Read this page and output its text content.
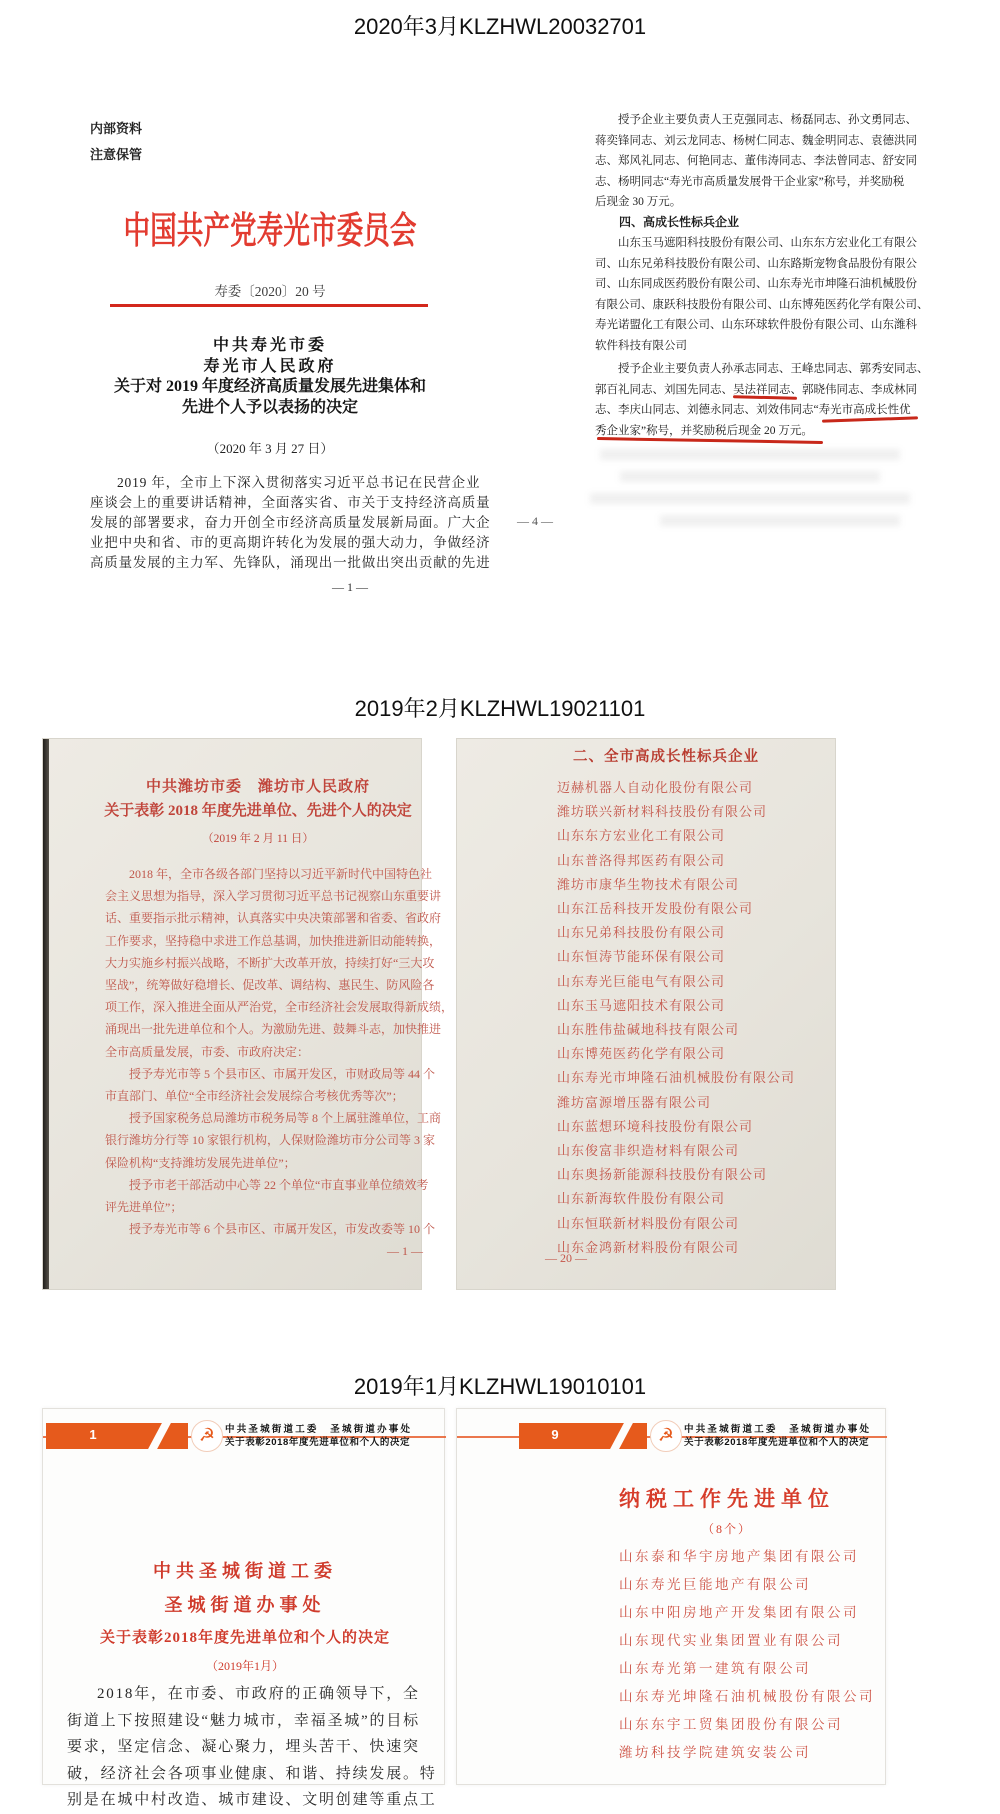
2020年3月KLZHWL20032701
内部资料
注意保管
中国共产党寿光市委员会
寿委〔2020〕20 号
中共寿光市委
寿光市人民政府
关于对 2019 年度经济高质量发展先进集体和
先进个人予以表扬的决定
（2020 年 3 月 27 日）
2019 年，全市上下深入贯彻落实习近平总书记在民营企业
座谈会上的重要讲话精神，全面落实省、市关于支持经济高质量
发展的部署要求，奋力开创全市经济高质量发展新局面。广大企
业把中央和省、市的更高期许转化为发展的强大动力，争做经济
高质量发展的主力军、先锋队，涌现出一批做出突出贡献的先进
— 1 —
授予企业主要负责人王克强同志、杨磊同志、孙文勇同志、
蒋奕锋同志、刘云龙同志、杨树仁同志、魏金明同志、袁德洪同
志、郑风礼同志、何艳同志、董伟涛同志、李法曾同志、舒安同
志、杨明同志“寿光市高质量发展骨干企业家”称号，并奖励税
后现金 30 万元。
四、高成长性标兵企业
山东玉马遮阳科技股份有限公司、山东东方宏业化工有限公
司、山东兄弟科技股份有限公司、山东路斯宠物食品股份有限公
司、山东同成医药股份有限公司、山东寿光市坤隆石油机械股份
有限公司、康跃科技股份有限公司、山东博苑医药化学有限公司、
寿光诺盟化工有限公司、山东环球软件股份有限公司、山东潍科
软件科技有限公司
授予企业主要负责人孙承志同志、王峰忠同志、郭秀安同志、
郭百礼同志、刘国先同志、吴法祥同志、郭晓伟同志、李成林同
志、李庆山同志、刘德永同志、刘效伟同志“寿光市高成长性优
秀企业家”称号，并奖励税后现金 20 万元。
— 4 —
2019年2月KLZHWL19021101
中共潍坊市委　潍坊市人民政府
关于表彰 2018 年度先进单位、先进个人的决定
（2019 年 2 月 11 日）
2018 年，全市各级各部门坚持以习近平新时代中国特色社
会主义思想为指导，深入学习贯彻习近平总书记视察山东重要讲
话、重要指示批示精神，认真落实中央决策部署和省委、省政府
工作要求，坚持稳中求进工作总基调，加快推进新旧动能转换，
大力实施乡村振兴战略，不断扩大改革开放，持续打好“三大攻
坚战”，统筹做好稳增长、促改革、调结构、惠民生、防风险各
项工作，深入推进全面从严治党，全市经济社会发展取得新成绩，
涌现出一批先进单位和个人。为激励先进、鼓舞斗志，加快推进
全市高质量发展，市委、市政府决定：
授予寿光市等 5 个县市区、市属开发区，市财政局等 44 个
市直部门、单位“全市经济社会发展综合考核优秀等次”；
授予国家税务总局潍坊市税务局等 8 个上属驻潍单位，工商
银行潍坊分行等 10 家银行机构，人保财险潍坊市分公司等 3 家
保险机构“支持潍坊发展先进单位”；
授予市老干部活动中心等 22 个单位“市直事业单位绩效考
评先进单位”；
授予寿光市等 6 个县市区、市属开发区，市发改委等 10 个
— 1 —
二、全市高成长性标兵企业
迈赫机器人自动化股份有限公司
潍坊联兴新材料科技股份有限公司
山东东方宏业化工有限公司
山东普洛得邦医药有限公司
潍坊市康华生物技术有限公司
山东江岳科技开发股份有限公司
山东兄弟科技股份有限公司
山东恒涛节能环保有限公司
山东寿光巨能电气有限公司
山东玉马遮阳技术有限公司
山东胜伟盐碱地科技有限公司
山东博苑医药化学有限公司
山东寿光市坤隆石油机械股份有限公司
潍坊富源增压器有限公司
山东蓝想环境科技股份有限公司
山东俊富非织造材料有限公司
山东奥扬新能源科技股份有限公司
山东新海软件股份有限公司
山东恒联新材料股份有限公司
山东金鸿新材料股份有限公司
— 20 —
2019年1月KLZHWL19010101
1	☭	中共圣城街道工委　圣城街道办事处
关于表彰2018年度先进单位和个人的决定
中共圣城街道工委
圣城街道办事处
关于表彰2018年度先进单位和个人的决定
（2019年1月）
2018年，在市委、市政府的正确领导下，全
街道上下按照建设“魅力城市，幸福圣城”的目标
要求，坚定信念、凝心聚力，埋头苦干、快速突
破，经济社会各项事业健康、和谐、持续发展。特
别是在城中村改造、城市建设、文明创建等重点工
9	☭	中共圣城街道工委　圣城街道办事处
关于表彰2018年度先进单位和个人的决定
纳税工作先进单位
（8个）
山东泰和华宇房地产集团有限公司
山东寿光巨能地产有限公司
山东中阳房地产开发集团有限公司
山东现代实业集团置业有限公司
山东寿光第一建筑有限公司
山东寿光坤隆石油机械股份有限公司
山东东宇工贸集团股份有限公司
潍坊科技学院建筑安装公司
